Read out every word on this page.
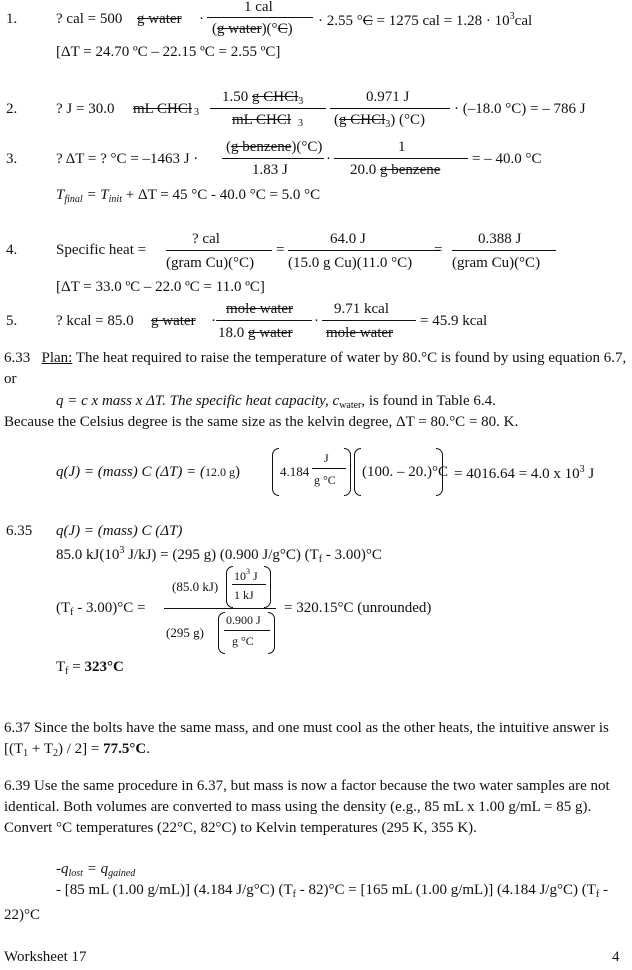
1.	? cal = 500 g water ·
1 cal
(g water)(°C) · 2.55 °C = 1275 cal = $1.28 \cdot 10^3cal$
[ΔT = 24.70 ºC – 22.15 ºC = 2.55 ºC]
2.	? J = 30.0 mL CHCl 3
1.50 g CHCl$_3$
mL CHCl 3
0.971 J
(g CHCl$_3$) (°C)
· (–18.0 °C) = – 786 J
3.	? ΔT = ? °C = –1463 J ·
(g benzene)(°C)
1.83 J
·
1
20.0 g benzene
= – 40.0 °C
$T_{final} = T_{init} + \Delta T = 45$ °C - 40.0 °C = 5.0 °C
4.	Specific heat =
? cal
(gram Cu)(°C)
=
64.0 J
(15.0 g Cu)(11.0 °C)
=
0.388 J
(gram Cu)(°C)
[ΔT = 33.0 ºC – 22.0 ºC = 11.0 ºC]
5.	? kcal = 85.0 g water ·
mole water
18.0 g water
·
9.71 kcal
mole water
= 45.9 kcal
6.33 Plan: The heat required to raise the temperature of water by 80.°C is found by using equation 6.7, or
q = c x mass x ΔT. The specific heat capacity, $c_{water}$, is found in Table 6.4.
Because the Celsius degree is the same size as the kelvin degree, ΔT = 80.°C = 80. K.
q(J) = (mass) C (ΔT) = (12.0 g)	4.184
J
g °C (100. – 20.)°C = 4016.64 = 4.0 x $10^3$ J
6.35 q(J) = (mass) C (ΔT)
85.0 $kJ(10^3$ J/kJ) = (295 g) (0.900 J/g°C) $(T_f - 3.00)^\circ C$
(85.0 kJ)
$10^3$ J
1 kJ
$(T_f - 3.00)^\circ C$ =
(295 g)
0.900 J
g °C
= 320.15°C (unrounded)
$T_f = 323^\circ C$
6.37 Since the bolts have the same mass, and one must cool as the other heats, the intuitive answer is $[(T_1 + T_2) / 2] = 77.5^\circ C$.
6.39 Use the same procedure in 6.37, but mass is now a factor because the two water samples are not identical. Both volumes are converted to mass using the density (e.g., 85 mL x 1.00 g/mL = 85 g). Convert °C temperatures (22°C, 82°C) to Kelvin temperatures (295 K, 355 K).
$-q_{lost} = q_{gained}$
- [85 mL (1.00 g/mL)] (4.184 J/g°C) $(T_f - 82)^\circ C = [165$ mL (1.00 g/mL)] (4.184 J/g°C) $(T_f - 22)^\circ C$
Worksheet 17	4
